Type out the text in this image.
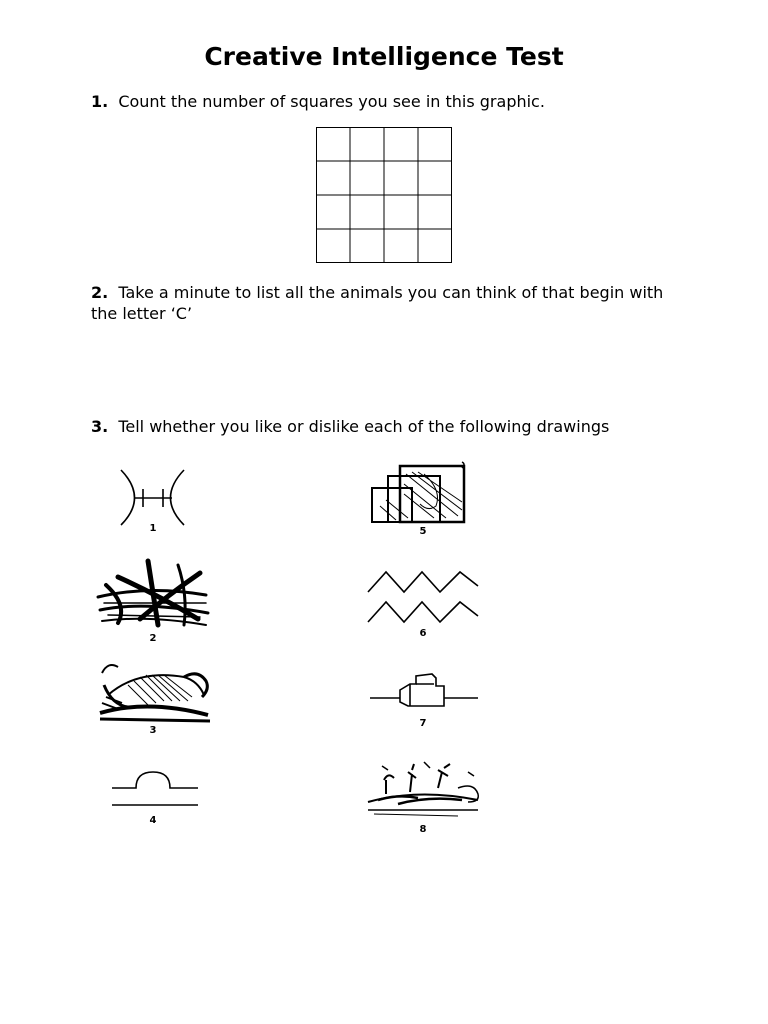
Creative Intelligence Test
1. Count the number of squares you see in this graphic.
2. Take a minute to list all the animals you can think of that begin with the letter ‘C’
3. Tell whether you like or dislike each of the following drawings
1
2
3
4
5
6
7
8
